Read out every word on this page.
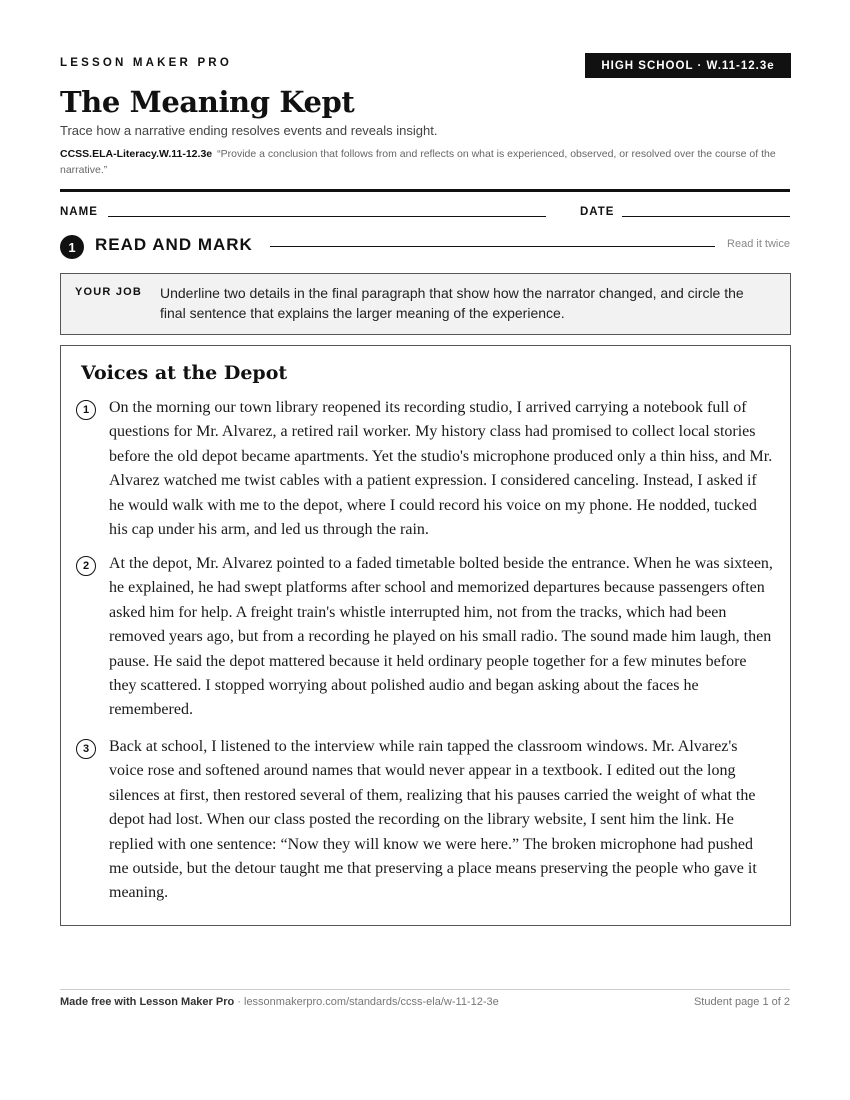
LESSON MAKER PRO	HIGH SCHOOL · W.11-12.3e
The Meaning Kept
Trace how a narrative ending resolves events and reveals insight.
CCSS.ELA-Literacy.W.11-12.3e “Provide a conclusion that follows from and reflects on what is experienced, observed, or resolved over the course of the narrative.”
NAME	DATE
1	READ AND MARK	Read it twice
YOUR JOB Underline two details in the final paragraph that show how the narrator changed, and circle the final sentence that explains the larger meaning of the experience.
Voices at the Depot
1	On the morning our town library reopened its recording studio, I arrived carrying a notebook full of questions for Mr. Alvarez, a retired rail worker. My history class had promised to collect local stories before the old depot became apartments. Yet the studio's microphone produced only a thin hiss, and Mr. Alvarez watched me twist cables with a patient expression. I considered canceling. Instead, I asked if he would walk with me to the depot, where I could record his voice on my phone. He nodded, tucked his cap under his arm, and led us through the rain.

2	At the depot, Mr. Alvarez pointed to a faded timetable bolted beside the entrance. When he was sixteen, he explained, he had swept platforms after school and memorized departures because passengers often asked him for help. A freight train's whistle interrupted him, not from the tracks, which had been removed years ago, but from a recording he played on his small radio. The sound made him laugh, then pause. He said the depot mattered because it held ordinary people together for a few minutes before they scattered. I stopped worrying about polished audio and began asking about the faces he remembered.

3	Back at school, I listened to the interview while rain tapped the classroom windows. Mr. Alvarez's voice rose and softened around names that would never appear in a textbook. I edited out the long silences at first, then restored several of them, realizing that his pauses carried the weight of what the depot had lost. When our class posted the recording on the library website, I sent him the link. He replied with one sentence: “Now they will know we were here.” The broken microphone had pushed me outside, but the detour taught me that preserving a place means preserving the people who gave it meaning.

Made free with Lesson Maker Pro · lessonmakerpro.com/standards/ccss-ela/w-11-12-3e	Student page 1 of 2
